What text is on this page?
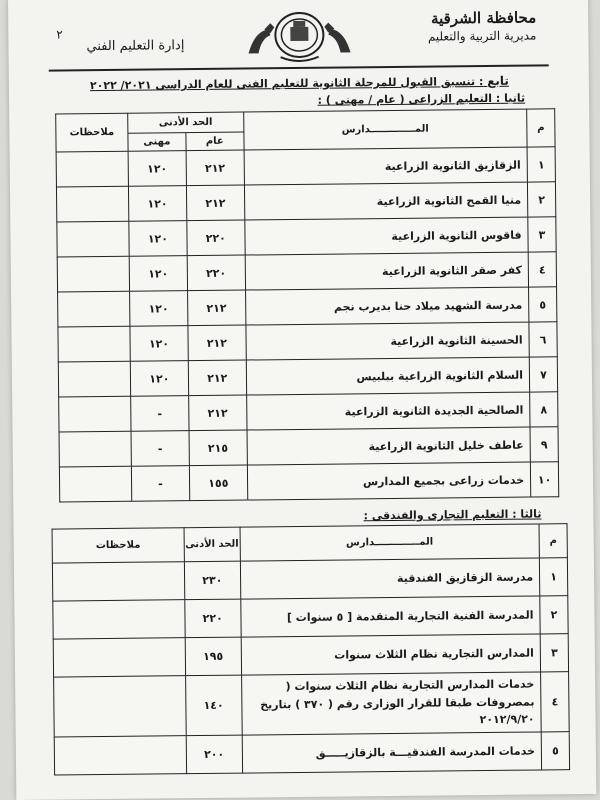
محافظة الشرقية
مديرية التربية والتعليم
٢
إدارة التعليم الفني
تابع : تنسيق القبول للمرحلة الثانوية للتعليم الفنى للعام الدراسى ٢٠٢١/ ٢٠٢٢
ثانيا : التعليم الزراعى ( عام / مهنى ) :
م	المـــــــــــــدارس	الحد الأدنى		ملاحظات
		عام	مهنى	
١	الزقازيق الثانوية الزراعية	٢١٢	١٢٠	
٢	منيا القمح الثانوية الزراعية	٢١٢	١٢٠	
٣	فاقوس الثانوية الزراعية	٢٢٠	١٢٠	
٤	كفر صقر الثانوية الزراعية	٢٢٠	١٢٠	
٥	مدرسة الشهيد ميلاد حنا بديرب نجم	٢١٢	١٢٠	
٦	الحسينة الثانوية الزراعية	٢١٢	١٢٠	
٧	السلام الثانوية الزراعية ببلبيس	٢١٢	١٢٠	
٨	الصالحية الجديدة الثانوية الزراعية	٢١٢	-	
٩	عاطف خليل الثانوية الزراعية	٢١٥	-	
١٠	خدمات زراعى بجميع المدارس	١٥٥	-	
ثالثا : التعليم التجارى والفندقى :
م	المـــــــــــــدارس	الحد الأدنى	ملاحظات
١	مدرسة الزقازيق الفندقية	٢٣٠	
٢	المدرسة الفنية التجارية المتقدمة [ ٥ سنوات ]	٢٢٠	
٣	المدارس التجارية نظام الثلاث سنوات	١٩٥	
٤	خدمات المدارس التجارية نظام الثلاث سنوات ( بمصروفات طبقا للقرار الوزارى رقم ( ٣٧٠ ) بتاريخ ٢٠١٢/٩/٢٠	١٤٠	
٥	خدمات المدرسة الفندقيـــة بالزقازيـــــق	٢٠٠	
